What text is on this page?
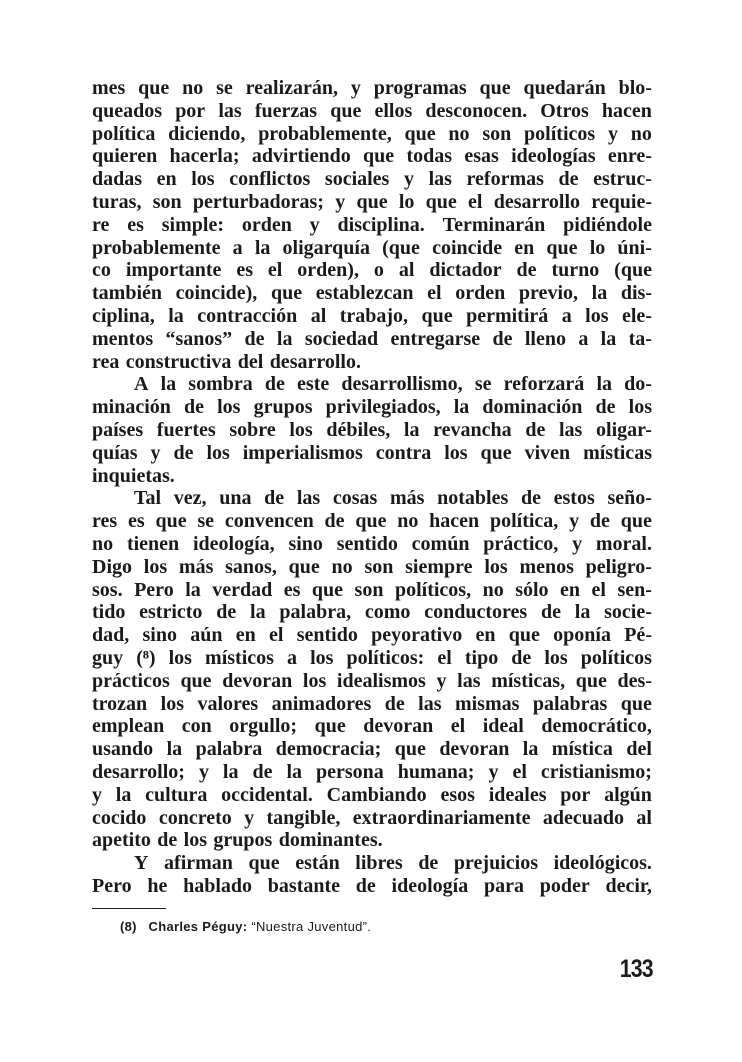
mes que no se realizarán, y programas que quedarán blo-
queados por las fuerzas que ellos desconocen. Otros hacen
política diciendo, probablemente, que no son políticos y no
quieren hacerla; advirtiendo que todas esas ideologías enre-
dadas en los conflictos sociales y las reformas de estruc-
turas, son perturbadoras; y que lo que el desarrollo requie-
re es simple: orden y disciplina. Terminarán pidiéndole
probablemente a la oligarquía (que coincide en que lo úni-
co importante es el orden), o al dictador de turno (que
también coincide), que establezcan el orden previo, la dis-
ciplina, la contracción al trabajo, que permitirá a los ele-
mentos “sanos” de la sociedad entregarse de lleno a la ta-
rea constructiva del desarrollo.
A la sombra de este desarrollismo, se reforzará la do-
minación de los grupos privilegiados, la dominación de los
países fuertes sobre los débiles, la revancha de las oligar-
quías y de los imperialismos contra los que viven místicas
inquietas.
Tal vez, una de las cosas más notables de estos seño-
res es que se convencen de que no hacen política, y de que
no tienen ideología, sino sentido común práctico, y moral.
Digo los más sanos, que no son siempre los menos peligro-
sos. Pero la verdad es que son políticos, no sólo en el sen-
tido estricto de la palabra, como conductores de la socie-
dad, sino aún en el sentido peyorativo en que oponía Pé-
guy (⁸) los místicos a los políticos: el tipo de los políticos
prácticos que devoran los idealismos y las místicas, que des-
trozan los valores animadores de las mismas palabras que
emplean con orgullo; que devoran el ideal democrático,
usando la palabra democracia; que devoran la mística del
desarrollo; y la de la persona humana; y el cristianismo;
y la cultura occidental. Cambiando esos ideales por algún
cocido concreto y tangible, extraordinariamente adecuado al
apetito de los grupos dominantes.
Y afirman que están libres de prejuicios ideológicos.
Pero he hablado bastante de ideología para poder decir,
(8) Charles Péguy: “Nuestra Juventud”.
133
